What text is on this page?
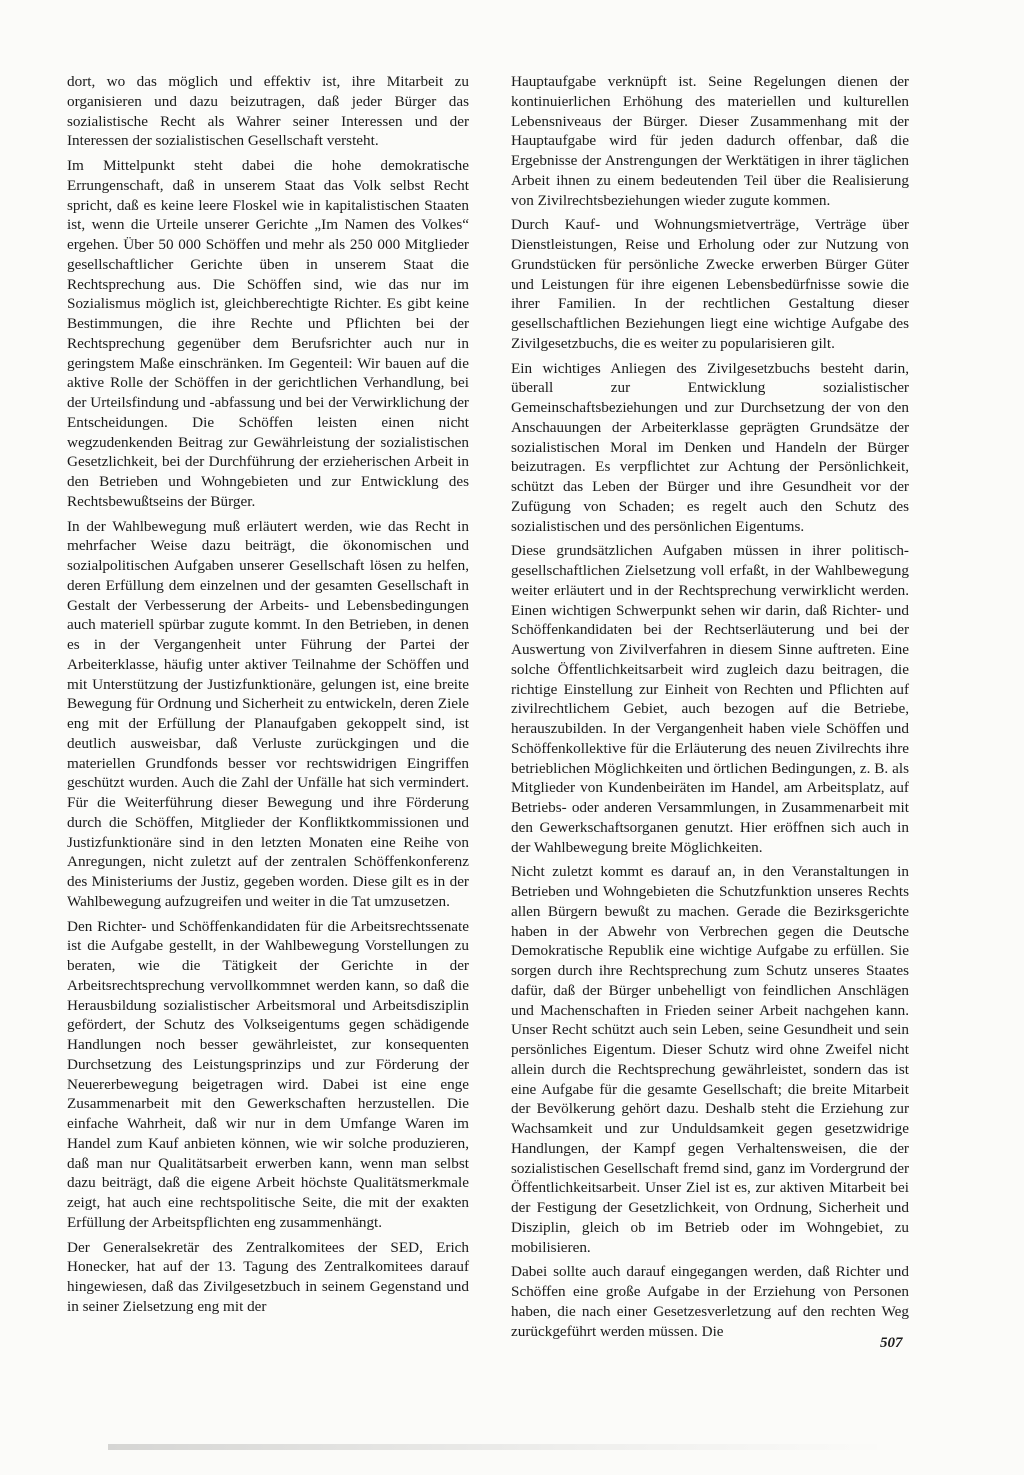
dort, wo das möglich und effektiv ist, ihre Mitarbeit zu organisieren und dazu beizutragen, daß jeder Bürger das sozialistische Recht als Wahrer seiner Interessen und der Interessen der sozialistischen Gesellschaft versteht.

Im Mittelpunkt steht dabei die hohe demokratische Errungenschaft, daß in unserem Staat das Volk selbst Recht spricht, daß es keine leere Floskel wie in kapitalistischen Staaten ist, wenn die Urteile unserer Gerichte „Im Namen des Volkes“ ergehen. Über 50 000 Schöffen und mehr als 250 000 Mitglieder gesellschaftlicher Gerichte üben in unserem Staat die Rechtsprechung aus. Die Schöffen sind, wie das nur im Sozialismus möglich ist, gleichberechtigte Richter. Es gibt keine Bestimmungen, die ihre Rechte und Pflichten bei der Rechtsprechung gegenüber dem Berufsrichter auch nur in geringstem Maße einschränken. Im Gegenteil: Wir bauen auf die aktive Rolle der Schöffen in der gerichtlichen Verhandlung, bei der Urteilsfindung und -abfassung und bei der Verwirklichung der Entscheidungen. Die Schöffen leisten einen nicht wegzudenkenden Beitrag zur Gewährleistung der sozialistischen Gesetzlichkeit, bei der Durchführung der erzieherischen Arbeit in den Betrieben und Wohngebieten und zur Entwicklung des Rechtsbewußtseins der Bürger.

In der Wahlbewegung muß erläutert werden, wie das Recht in mehrfacher Weise dazu beiträgt, die ökonomischen und sozialpolitischen Aufgaben unserer Gesellschaft lösen zu helfen, deren Erfüllung dem einzelnen und der gesamten Gesellschaft in Gestalt der Verbesserung der Arbeits- und Lebensbedingungen auch materiell spürbar zugute kommt. In den Betrieben, in denen es in der Vergangenheit unter Führung der Partei der Arbeiterklasse, häufig unter aktiver Teilnahme der Schöffen und mit Unterstützung der Justizfunktionäre, gelungen ist, eine breite Bewegung für Ordnung und Sicherheit zu entwickeln, deren Ziele eng mit der Erfüllung der Planaufgaben gekoppelt sind, ist deutlich ausweisbar, daß Verluste zurückgingen und die materiellen Grundfonds besser vor rechtswidrigen Eingriffen geschützt wurden. Auch die Zahl der Unfälle hat sich vermindert. Für die Weiterführung dieser Bewegung und ihre Förderung durch die Schöffen, Mitglieder der Konfliktkommissionen und Justizfunktionäre sind in den letzten Monaten eine Reihe von Anregungen, nicht zuletzt auf der zentralen Schöffenkonferenz des Ministeriums der Justiz, gegeben worden. Diese gilt es in der Wahlbewegung aufzugreifen und weiter in die Tat umzusetzen.

Den Richter- und Schöffenkandidaten für die Arbeitsrechtssenate ist die Aufgabe gestellt, in der Wahlbewegung Vorstellungen zu beraten, wie die Tätigkeit der Gerichte in der Arbeitsrechtsprechung vervollkommnet werden kann, so daß die Herausbildung sozialistischer Arbeitsmoral und Arbeitsdisziplin gefördert, der Schutz des Volkseigentums gegen schädigende Handlungen noch besser gewährleistet, zur konsequenten Durchsetzung des Leistungsprinzips und zur Förderung der Neuererbewegung beigetragen wird. Dabei ist eine enge Zusammenarbeit mit den Gewerkschaften herzustellen. Die einfache Wahrheit, daß wir nur in dem Umfange Waren im Handel zum Kauf anbieten können, wie wir solche produzieren, daß man nur Qualitätsarbeit erwerben kann, wenn man selbst dazu beiträgt, daß die eigene Arbeit höchste Qualitätsmerkmale zeigt, hat auch eine rechtspolitische Seite, die mit der exakten Erfüllung der Arbeitspflichten eng zusammenhängt.

Der Generalsekretär des Zentralkomitees der SED, Erich Honecker, hat auf der 13. Tagung des Zentralkomitees darauf hingewiesen, daß das Zivilgesetzbuch in seinem Gegenstand und in seiner Zielsetzung eng mit der

Hauptaufgabe verknüpft ist. Seine Regelungen dienen der kontinuierlichen Erhöhung des materiellen und kulturellen Lebensniveaus der Bürger. Dieser Zusammenhang mit der Hauptaufgabe wird für jeden dadurch offenbar, daß die Ergebnisse der Anstrengungen der Werktätigen in ihrer täglichen Arbeit ihnen zu einem bedeutenden Teil über die Realisierung von Zivilrechtsbeziehungen wieder zugute kommen.

Durch Kauf- und Wohnungsmietverträge, Verträge über Dienstleistungen, Reise und Erholung oder zur Nutzung von Grundstücken für persönliche Zwecke erwerben Bürger Güter und Leistungen für ihre eigenen Lebensbedürfnisse sowie die ihrer Familien. In der rechtlichen Gestaltung dieser gesellschaftlichen Beziehungen liegt eine wichtige Aufgabe des Zivilgesetzbuchs, die es weiter zu popularisieren gilt.

Ein wichtiges Anliegen des Zivilgesetzbuchs besteht darin, überall zur Entwicklung sozialistischer Gemeinschaftsbeziehungen und zur Durchsetzung der von den Anschauungen der Arbeiterklasse geprägten Grundsätze der sozialistischen Moral im Denken und Handeln der Bürger beizutragen. Es verpflichtet zur Achtung der Persönlichkeit, schützt das Leben der Bürger und ihre Gesundheit vor der Zufügung von Schaden; es regelt auch den Schutz des sozialistischen und des persönlichen Eigentums.

Diese grundsätzlichen Aufgaben müssen in ihrer politisch-gesellschaftlichen Zielsetzung voll erfaßt, in der Wahlbewegung weiter erläutert und in der Rechtsprechung verwirklicht werden. Einen wichtigen Schwerpunkt sehen wir darin, daß Richter- und Schöffenkandidaten bei der Rechtserläuterung und bei der Auswertung von Zivilverfahren in diesem Sinne auftreten. Eine solche Öffentlichkeitsarbeit wird zugleich dazu beitragen, die richtige Einstellung zur Einheit von Rechten und Pflichten auf zivilrechtlichem Gebiet, auch bezogen auf die Betriebe, herauszubilden. In der Vergangenheit haben viele Schöffen und Schöffenkollektive für die Erläuterung des neuen Zivilrechts ihre betrieblichen Möglichkeiten und örtlichen Bedingungen, z. B. als Mitglieder von Kundenbeiräten im Handel, am Arbeitsplatz, auf Betriebs- oder anderen Versammlungen, in Zusammenarbeit mit den Gewerkschaftsorganen genutzt. Hier eröffnen sich auch in der Wahlbewegung breite Möglichkeiten.

Nicht zuletzt kommt es darauf an, in den Veranstaltungen in Betrieben und Wohngebieten die Schutzfunktion unseres Rechts allen Bürgern bewußt zu machen. Gerade die Bezirksgerichte haben in der Abwehr von Verbrechen gegen die Deutsche Demokratische Republik eine wichtige Aufgabe zu erfüllen. Sie sorgen durch ihre Rechtsprechung zum Schutz unseres Staates dafür, daß der Bürger unbehelligt von feindlichen Anschlägen und Machenschaften in Frieden seiner Arbeit nachgehen kann. Unser Recht schützt auch sein Leben, seine Gesundheit und sein persönliches Eigentum. Dieser Schutz wird ohne Zweifel nicht allein durch die Rechtsprechung gewährleistet, sondern das ist eine Aufgabe für die gesamte Gesellschaft; die breite Mitarbeit der Bevölkerung gehört dazu. Deshalb steht die Erziehung zur Wachsamkeit und zur Unduldsamkeit gegen gesetzwidrige Handlungen, der Kampf gegen Verhaltensweisen, die der sozialistischen Gesellschaft fremd sind, ganz im Vordergrund der Öffentlichkeitsarbeit. Unser Ziel ist es, zur aktiven Mitarbeit bei der Festigung der Gesetzlichkeit, von Ordnung, Sicherheit und Disziplin, gleich ob im Betrieb oder im Wohngebiet, zu mobilisieren.

Dabei sollte auch darauf eingegangen werden, daß Richter und Schöffen eine große Aufgabe in der Erziehung von Personen haben, die nach einer Gesetzesverletzung auf den rechten Weg zurückgeführt werden müssen. Die

507
